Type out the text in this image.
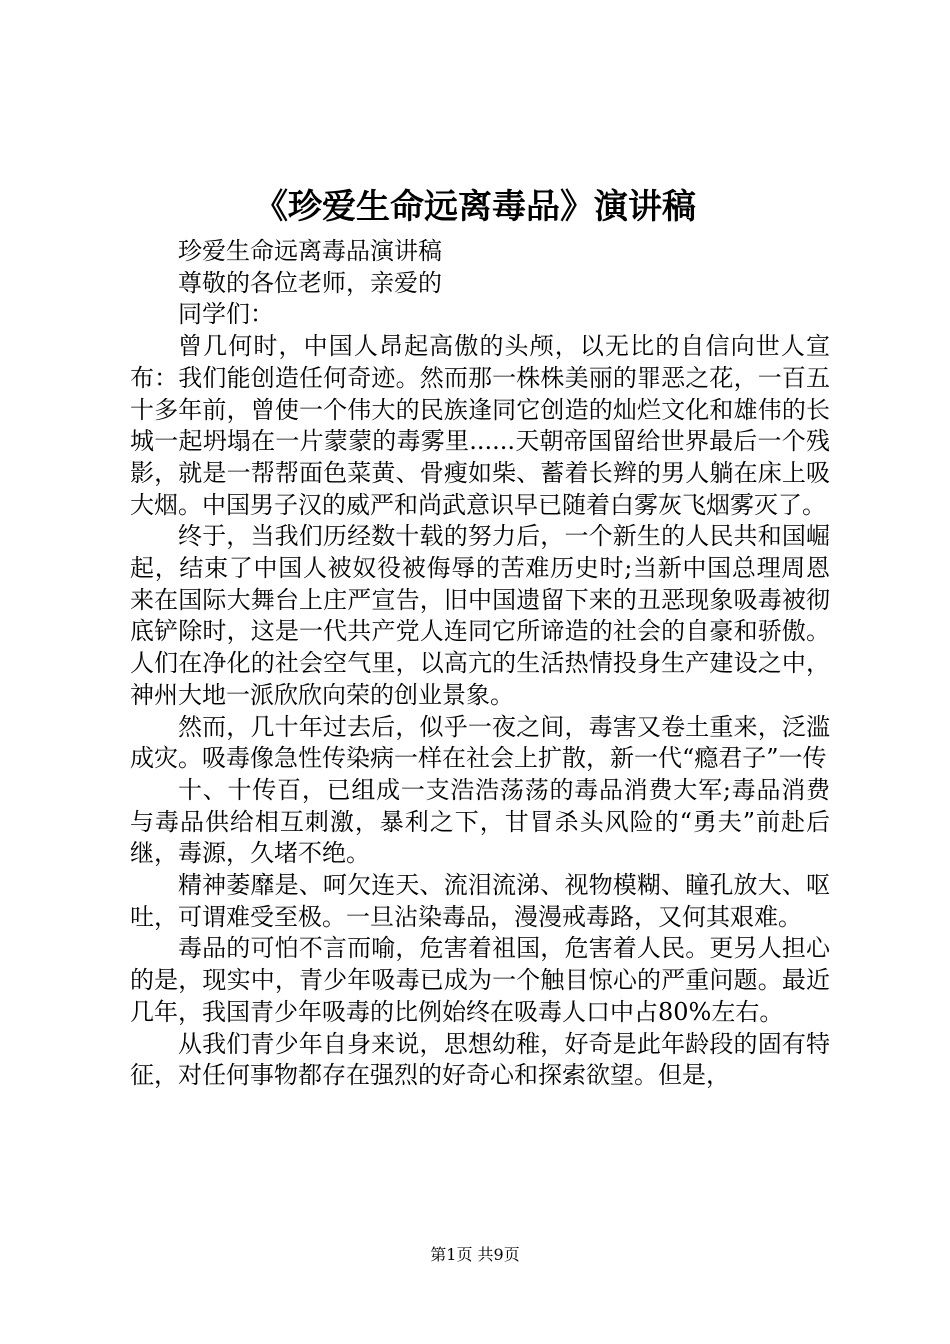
《珍爱生命远离毒品》演讲稿

珍爱生命远离毒品演讲稿

尊敬的各位老师，亲爱的

同学们：

曾几何时，中国人昂起高傲的头颅，以无比的自信向世人宣布：我们能创造任何奇迹。然而那一株株美丽的罪恶之花，一百五十多年前，曾使一个伟大的民族逢同它创造的灿烂文化和雄伟的长城一起坍塌在一片蒙蒙的毒雾里......天朝帝国留给世界最后一个残影，就是一帮帮面色菜黄、骨瘦如柴、蓄着长辫的男人躺在床上吸大烟。中国男子汉的威严和尚武意识早已随着白雾灰飞烟雾灭了。

终于，当我们历经数十载的努力后，一个新生的人民共和国崛起，结束了中国人被奴役被侮辱的苦难历史时;当新中国总理周恩来在国际大舞台上庄严宣告，旧中国遗留下来的丑恶现象吸毒被彻底铲除时，这是一代共产党人连同它所谛造的社会的自豪和骄傲。人们在净化的社会空气里，以高亢的生活热情投身生产建设之中，神州大地一派欣欣向荣的创业景象。

然而，几十年过去后，似乎一夜之间，毒害又卷土重来，泛滥成灾。吸毒像急性传染病一样在社会上扩散，新一代“瘾君子”一传

十、十传百，已组成一支浩浩荡荡的毒品消费大军;毒品消费与毒品供给相互刺激，暴利之下，甘冒杀头风险的“勇夫”前赴后继，毒源，久堵不绝。

精神萎靡是、呵欠连天、流泪流涕、视物模糊、瞳孔放大、呕吐，可谓难受至极。一旦沾染毒品，漫漫戒毒路，又何其艰难。

毒品的可怕不言而喻，危害着祖国，危害着人民。更另人担心的是，现实中，青少年吸毒已成为一个触目惊心的严重问题。最近几年，我国青少年吸毒的比例始终在吸毒人口中占80%左右。

从我们青少年自身来说，思想幼稚，好奇是此年龄段的固有特征，对任何事物都存在强烈的好奇心和探索欲望。但是，

第1页 共9页
